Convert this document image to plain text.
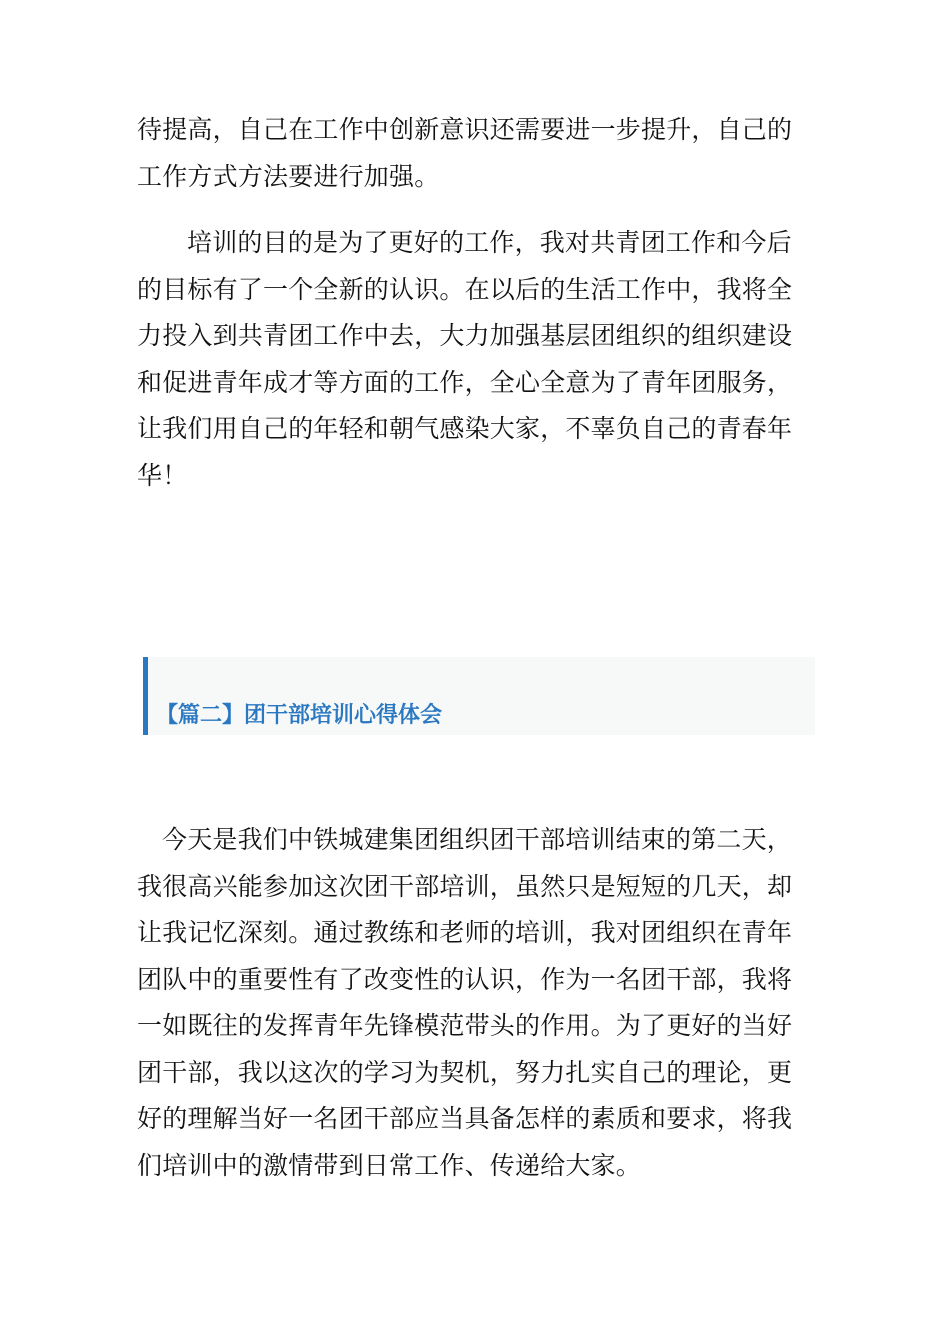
待提高，自己在工作中创新意识还需要进一步提升，自己的工作方式方法要进行加强。

培训的目的是为了更好的工作，我对共青团工作和今后的目标有了一个全新的认识。在以后的生活工作中，我将全力投入到共青团工作中去，大力加强基层团组织的组织建设和促进青年成才等方面的工作，全心全意为了青年团服务，让我们用自己的年轻和朝气感染大家，不辜负自己的青春年华！

【篇二】团干部培训心得体会

今天是我们中铁城建集团组织团干部培训结束的第二天，我很高兴能参加这次团干部培训，虽然只是短短的几天，却让我记忆深刻。通过教练和老师的培训，我对团组织在青年团队中的重要性有了改变性的认识，作为一名团干部，我将一如既往的发挥青年先锋模范带头的作用。为了更好的当好团干部，我以这次的学习为契机，努力扎实自己的理论，更好的理解当好一名团干部应当具备怎样的素质和要求，将我们培训中的激情带到日常工作、传递给大家。
